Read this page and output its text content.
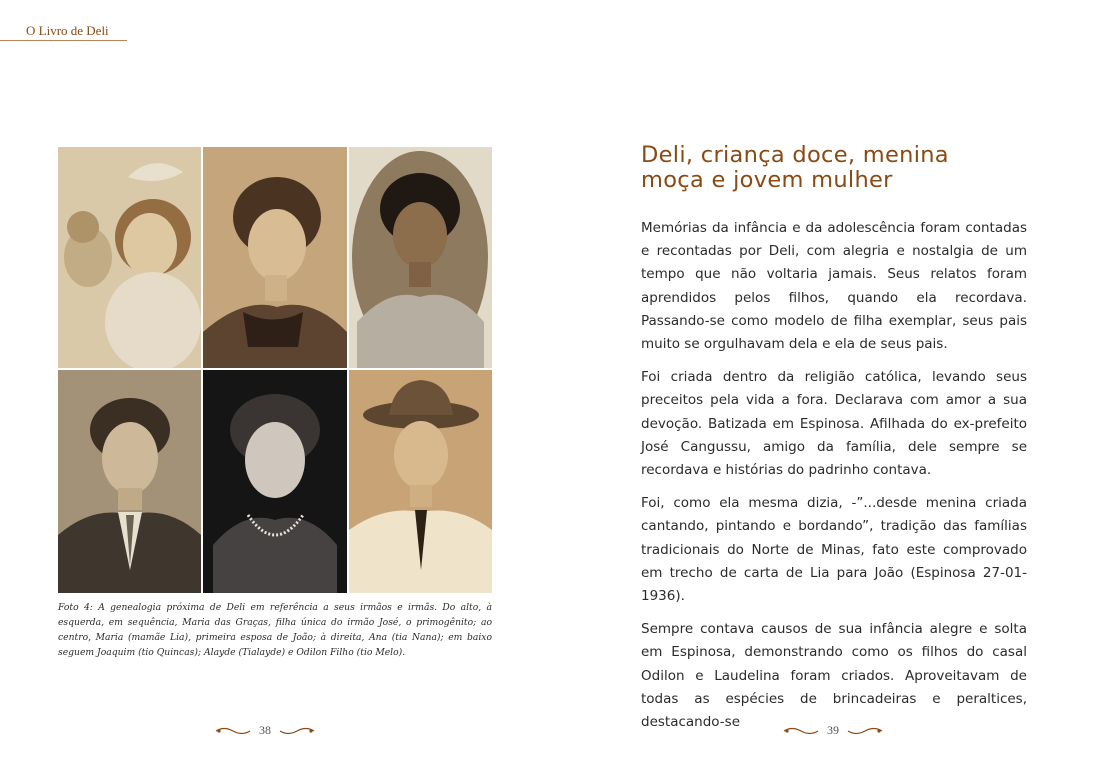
O Livro de Deli
Foto 4: A genealogia próxima de Deli em referência a seus irmãos e irmãs. Do alto, à esquerda, em sequência, Maria das Graças, filha única do irmão José, o primogênito; ao centro, Maria (mamãe Lia), primeira esposa de João; à direita, Ana (tia Nana); em baixo seguem Joaquim (tio Quincas); Alayde (Tialayde) e Odilon Filho (tio Melo).
Deli, criança doce, menina
moça e jovem mulher

Memórias da infância e da adolescência foram contadas e recontadas por Deli, com alegria e nostalgia de um tempo que não voltaria jamais. Seus relatos foram aprendidos pelos filhos, quando ela recordava. Passando-se como modelo de filha exemplar, seus pais muito se orgulhavam dela e ela de seus pais.

Foi criada dentro da religião católica, levando seus preceitos pela vida a fora. Declarava com amor a sua devoção. Batizada em Espinosa. Afilhada do ex-prefeito José Cangussu, amigo da família, dele sempre se recordava e histórias do padrinho contava.

Foi, como ela mesma dizia, -”...desde menina criada cantando, pintando e bordando”, tradição das famílias tradicionais do Norte de Minas, fato este comprovado em trecho de carta de Lia para João (Espinosa 27-01-1936).

Sempre contava causos de sua infância alegre e solta em Espinosa, demonstrando como os filhos do casal Odilon e Laudelina foram criados. Aproveitavam de todas as espécies de brincadeiras e peraltices, destacando-se

38	39
